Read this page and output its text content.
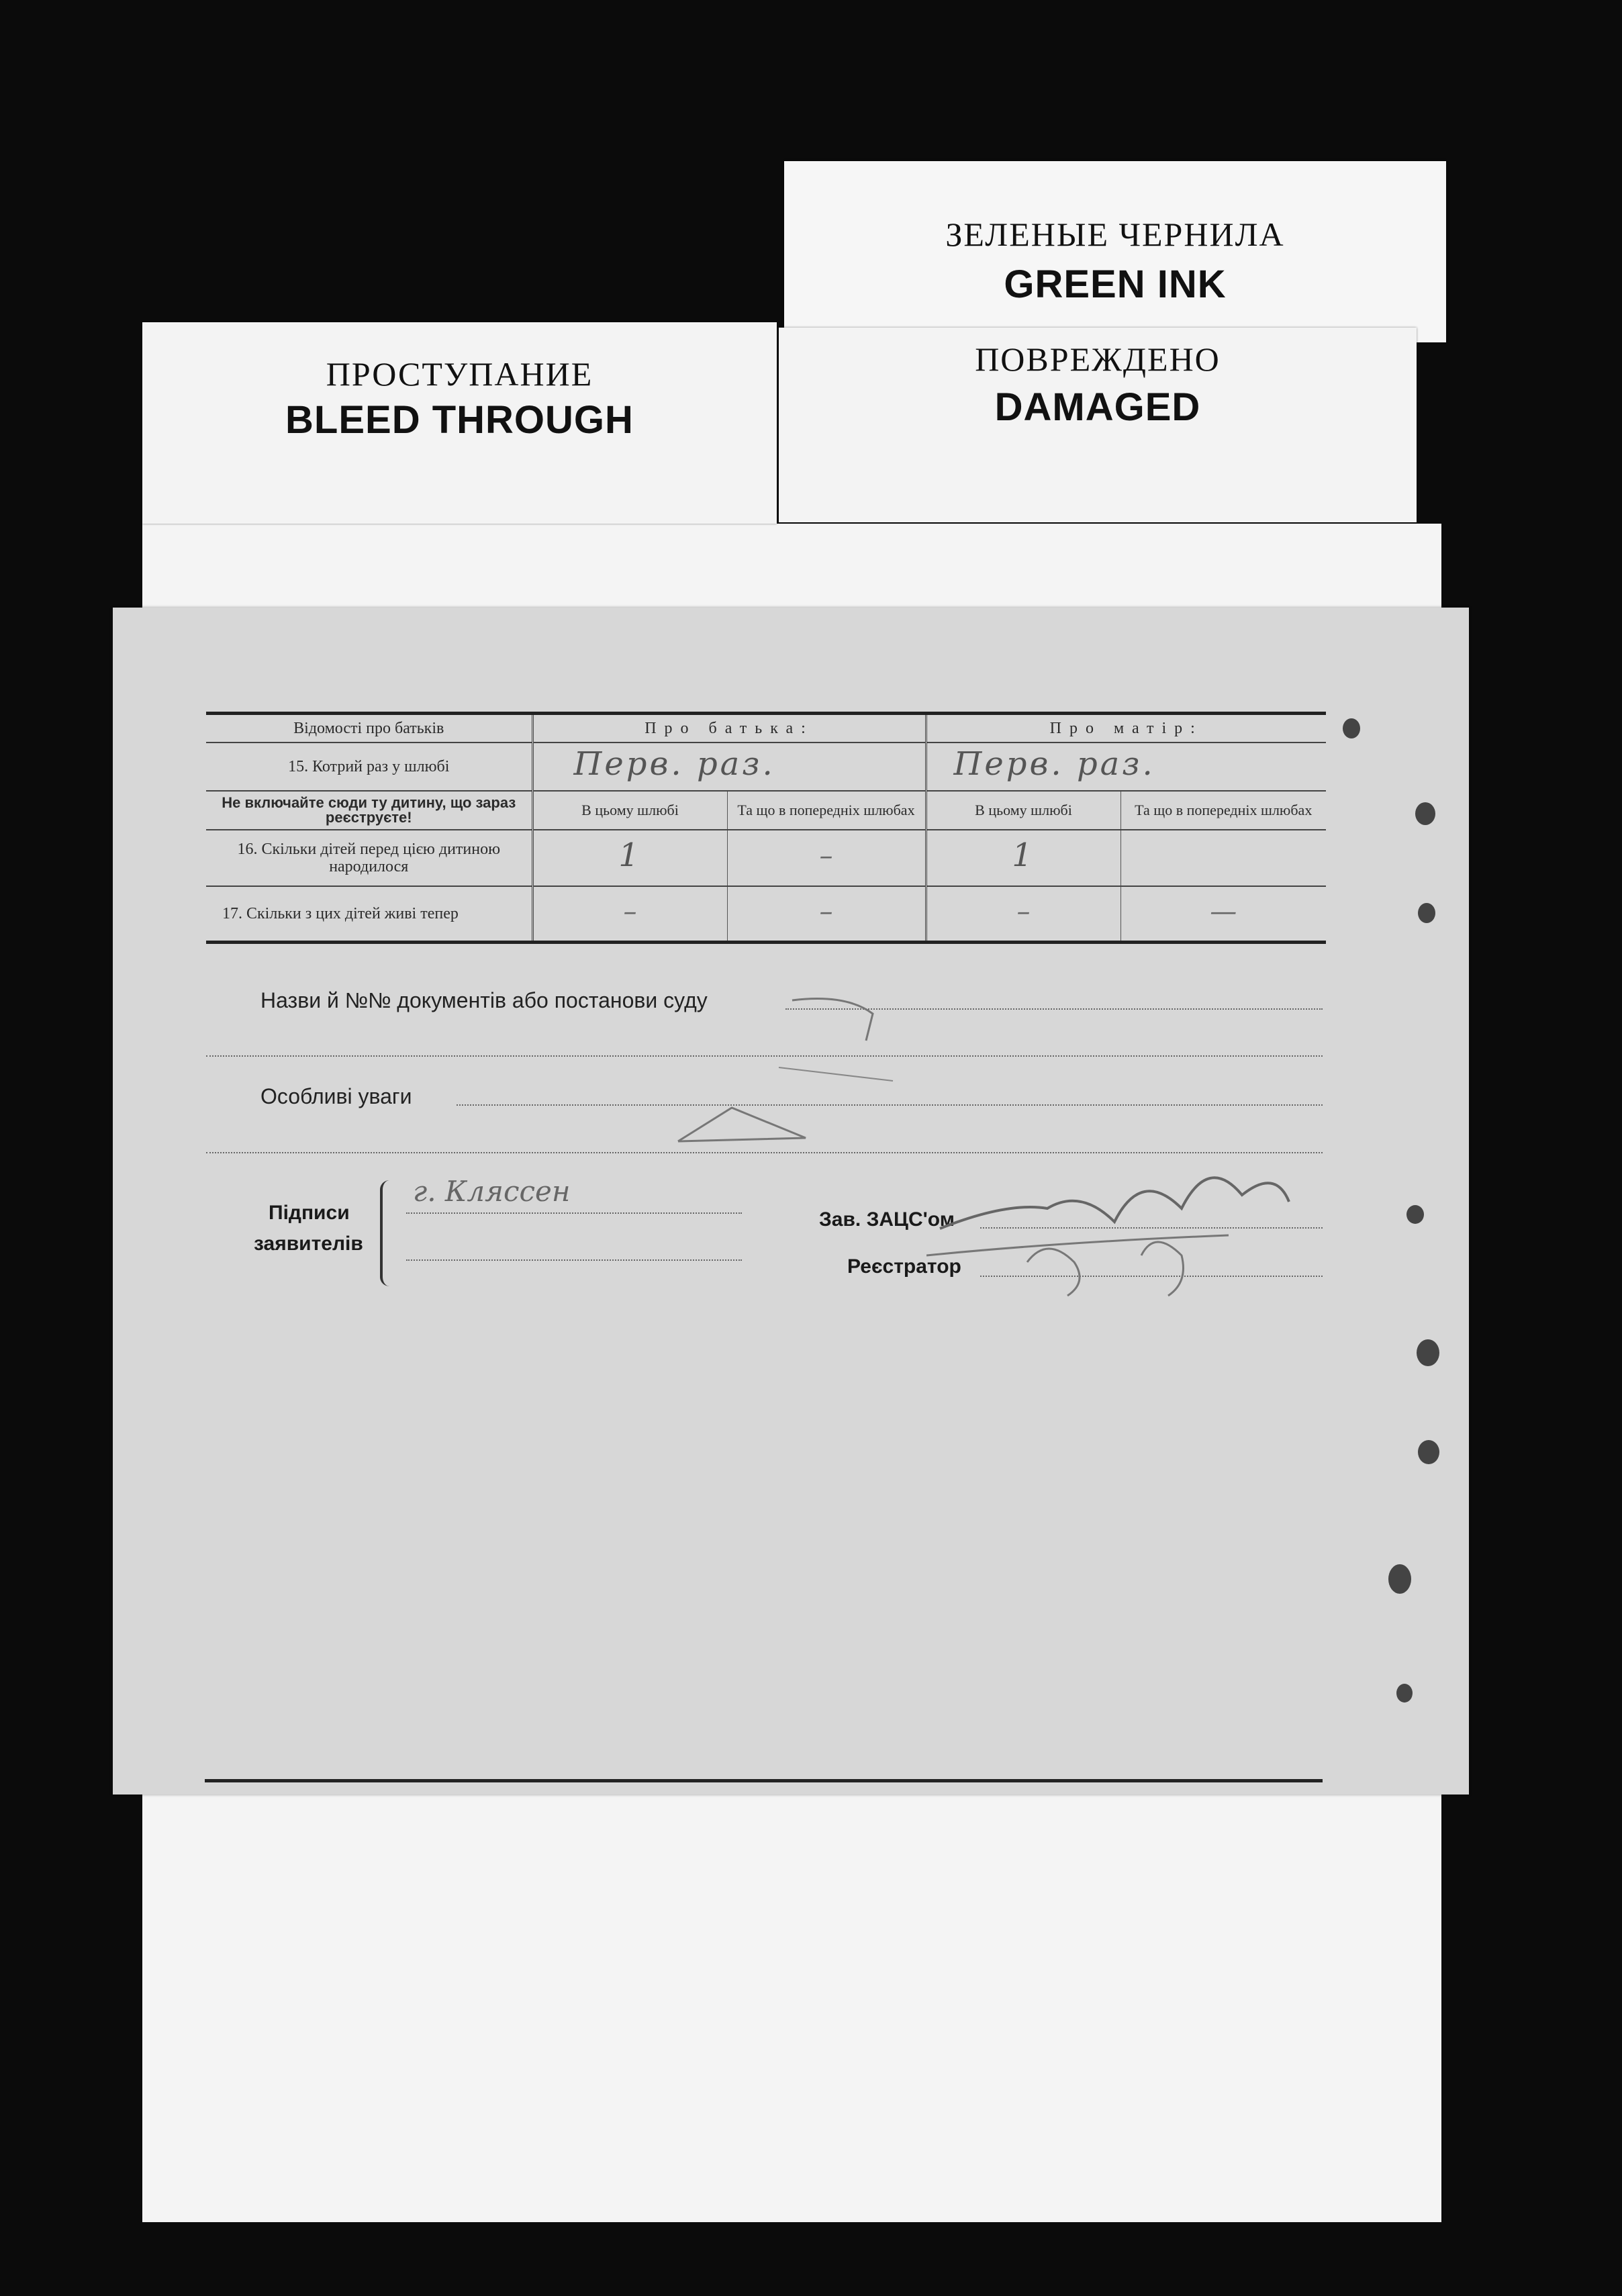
ЗЕЛЕНЫЕ ЧЕРНИЛА
GREEN INK
ПОВРЕЖДЕНО
DAMAGED
ПРОСТУПАНИЕ
BLEED THROUGH
Відомості про батьків	Про батька:		Про матір:	
15. Котрий раз у шлюбі	Перв. раз.		Перв. раз.	
Не включайте сюди ту дитину, що зараз реєструєте!	В цьому шлюбі	Та що в попередніх шлюбах	В цьому шлюбі	Та що в попередніх шлюбах
16. Скільки дітей перед цією дитиною народилося	1	–	1	
17. Скільки з цих дітей живі тепер	–	–	–	—
Назви й №№ документів або постанови суду
Особливі уваги
Підписи
заявителів
г. Кляссен
Зав. ЗАЦС'ом
Реєстратор
